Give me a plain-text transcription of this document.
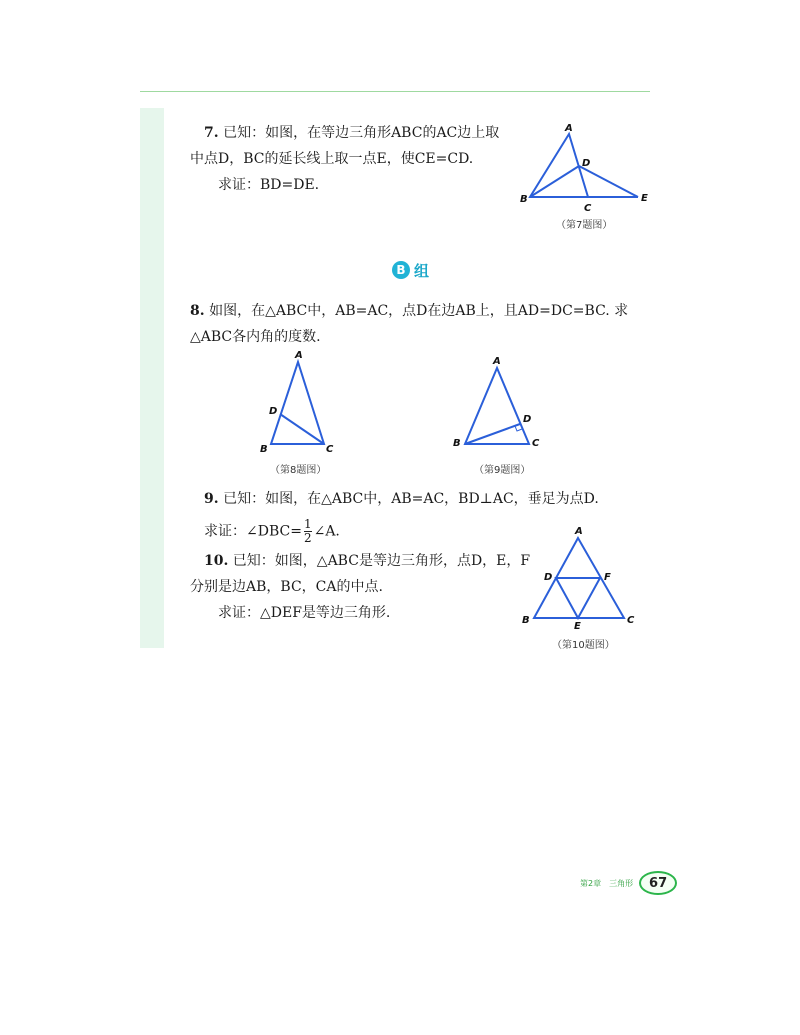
7. 已知：如图，在等边三角形ABC的AC边上取
中点D，BC的延长线上取一点E，使CE=CD.
求证：BD=DE.
A
D
B
C
E
（第7题图）
B 组
8. 如图，在△ABC中，AB=AC，点D在边AB上，且AD=DC=BC. 求
△ABC各内角的度数.
A
D
B	C
（第8题图）
A
D
B	C
（第9题图）
9. 已知：如图，在△ABC中，AB=AC，BD⊥AC，垂足为点D.
求证：∠DBC= $\frac{1}{2}$ ∠A.
10. 已知：如图，△ABC是等边三角形，点D，E，F
分别是边AB，BC，CA的中点.
求证：△DEF是等边三角形.
A
D	F
B
E
C
（第10题图）
第2章　三角形	67
